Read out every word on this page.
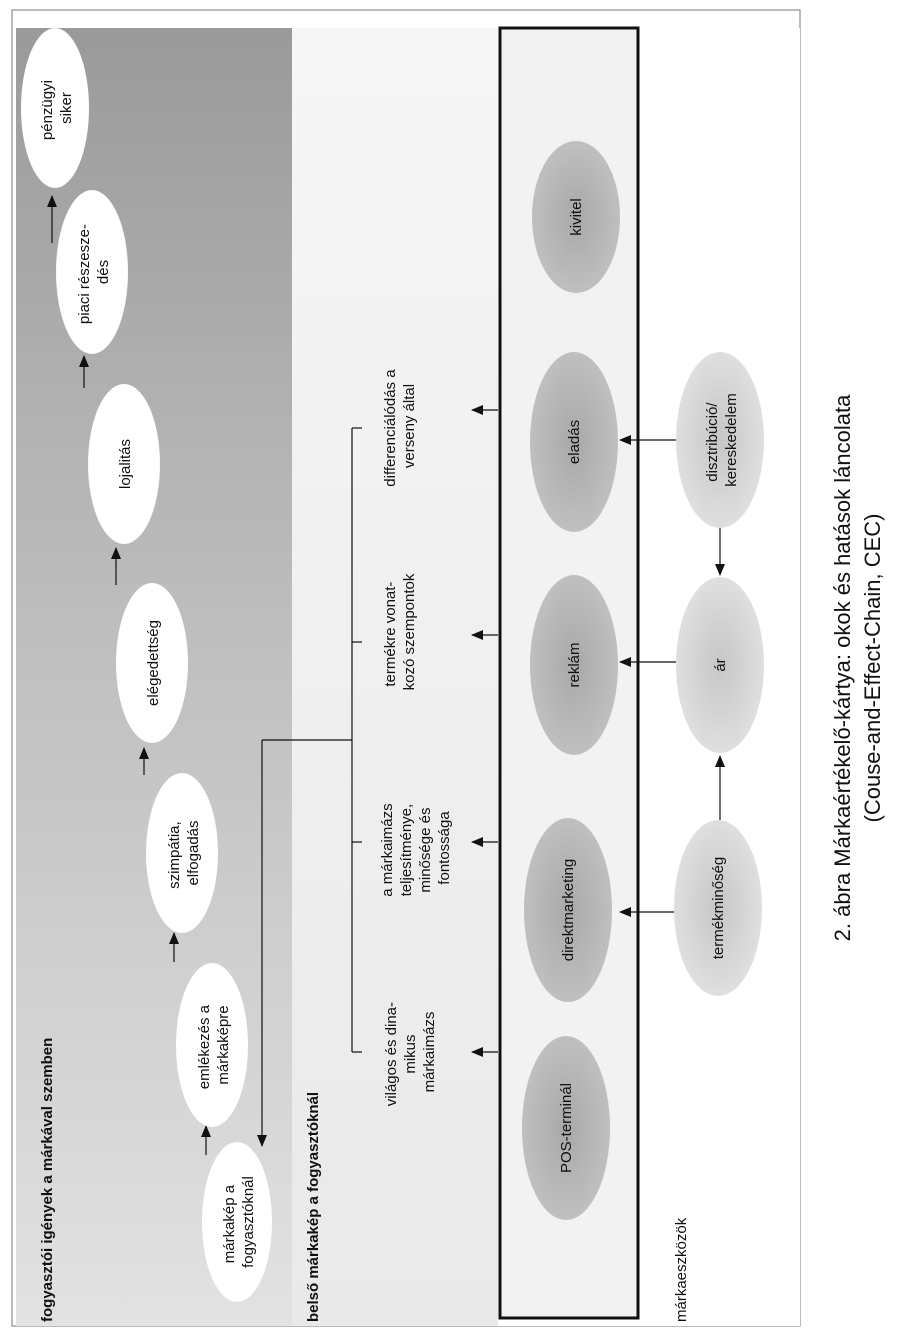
fogyasztói igények a márkával szemben	belső márkakép a fogyasztóknál	márkaeszközök
márkakép a fogyasztóknál
emlékezés a márkaképre
szimpátia, elfogadás
elégedettség
lojalitás
piaci részesze- dés
pénzügyi siker
világos és dina- mikus márkaimázs
a márkaimázs teljesítménye, minősége és fontossága
termékre vonat- kozó szempontok
differenciálódás a verseny által
POS-terminál
direktmarketing
reklám
eladás
kivitel
termékminőség
ár
disztribúció/ kereskedelem	2. ábra Márkaértékelő-kártya: okok és hatások láncolata (Couse-and-Effect-Chain, CEC)
